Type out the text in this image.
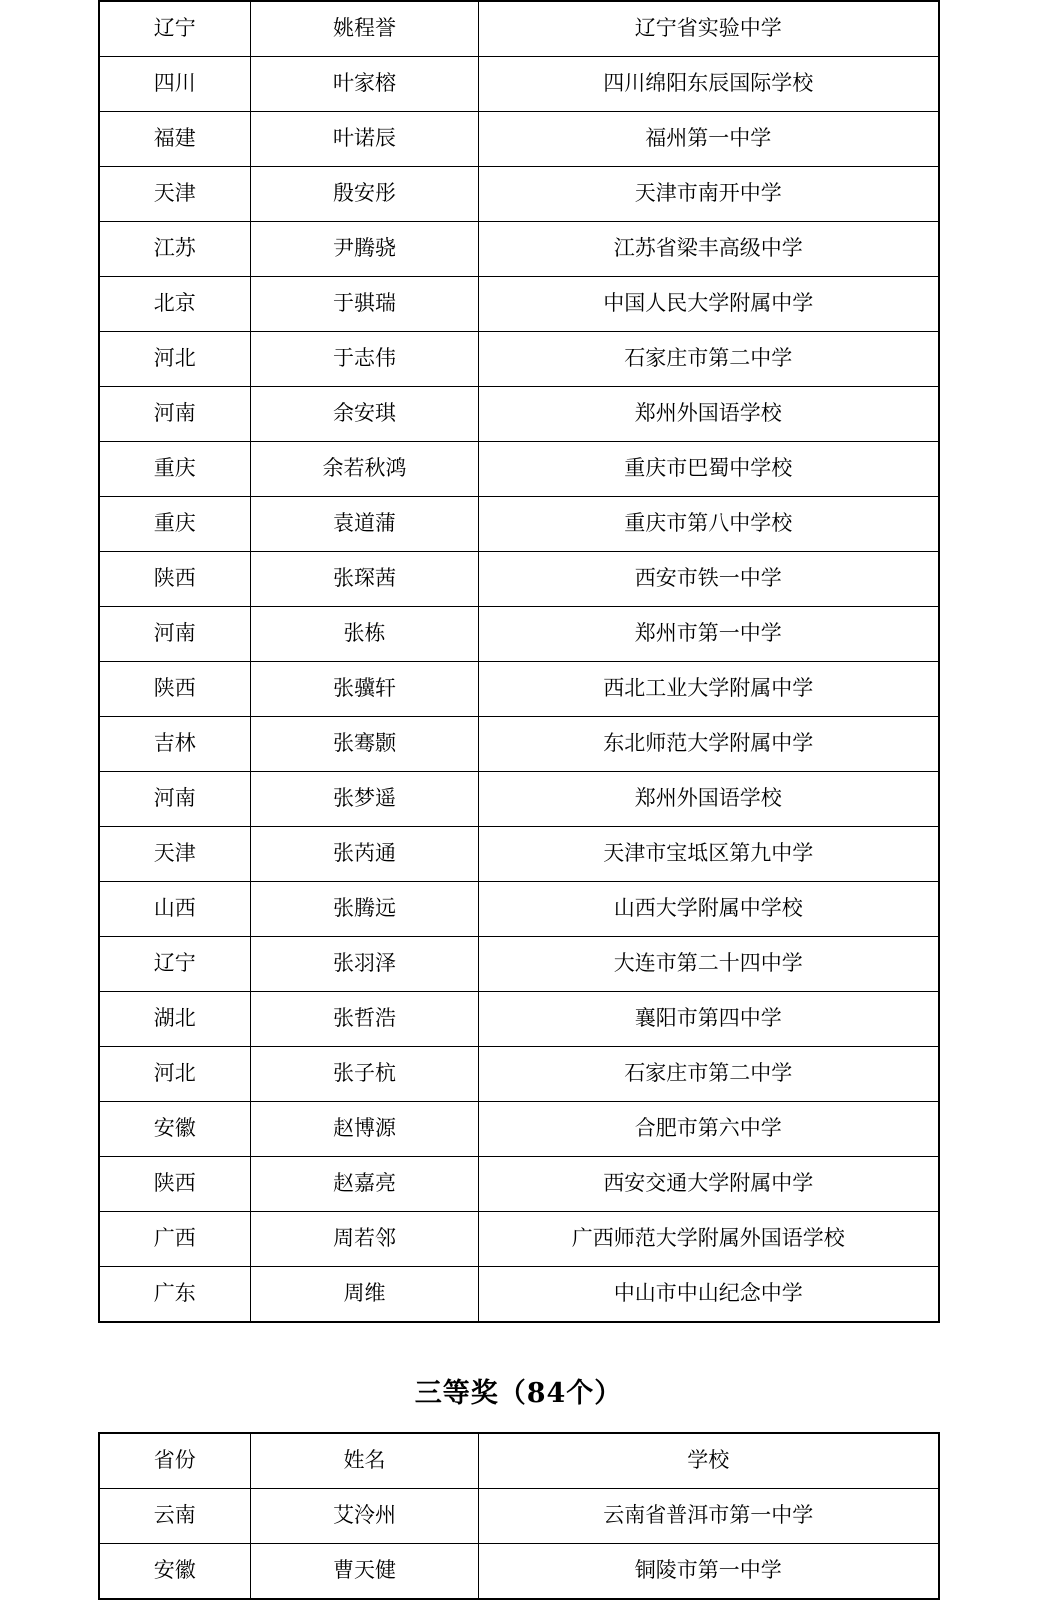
辽宁	姚程誉	辽宁省实验中学
四川	叶家榕	四川绵阳东辰国际学校
福建	叶诺辰	福州第一中学
天津	殷安彤	天津市南开中学
江苏	尹腾骁	江苏省梁丰高级中学
北京	于骐瑞	中国人民大学附属中学
河北	于志伟	石家庄市第二中学
河南	余安琪	郑州外国语学校
重庆	余若秋鸿	重庆市巴蜀中学校
重庆	袁道蒲	重庆市第八中学校
陕西	张琛茜	西安市铁一中学
河南	张栋	郑州市第一中学
陕西	张骥轩	西北工业大学附属中学
吉林	张骞颢	东北师范大学附属中学
河南	张梦遥	郑州外国语学校
天津	张芮通	天津市宝坻区第九中学
山西	张腾远	山西大学附属中学校
辽宁	张羽泽	大连市第二十四中学
湖北	张哲浩	襄阳市第四中学
河北	张子杭	石家庄市第二中学
安徽	赵博源	合肥市第六中学
陕西	赵嘉亮	西安交通大学附属中学
广西	周若邻	广西师范大学附属外国语学校
广东	周维	中山市中山纪念中学
三等奖（84个）
省份	姓名	学校
云南	艾泠州	云南省普洱市第一中学
安徽	曹天健	铜陵市第一中学
